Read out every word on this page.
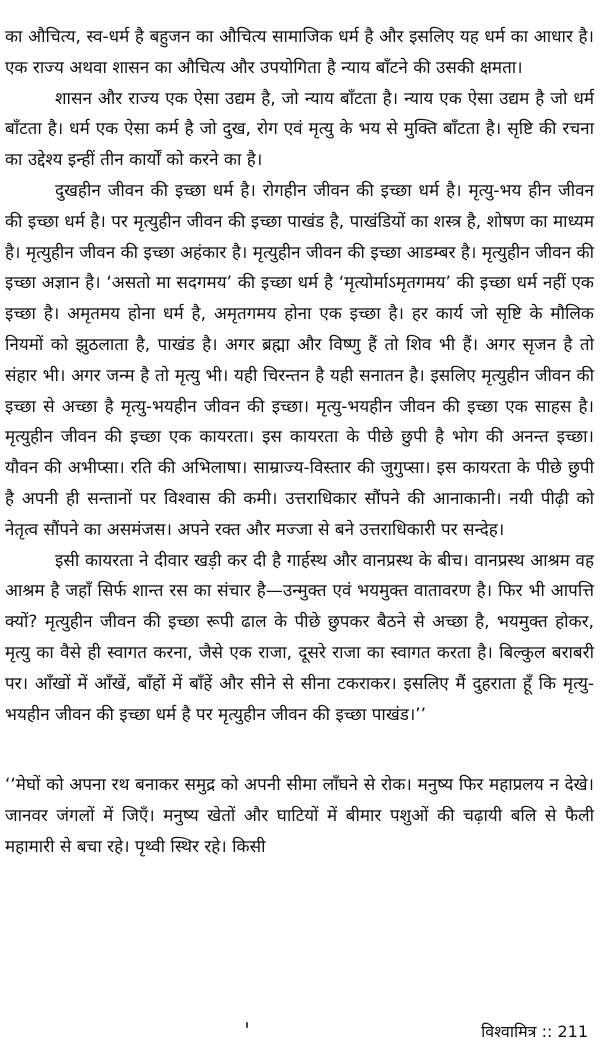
का औचित्य, स्व-धर्म है बहुजन का औचित्य सामाजिक धर्म है और इसलिए यह धर्म का आधार है। एक राज्य अथवा शासन का औचित्य और उपयोगिता है न्याय बाँटने की उसकी क्षमता।

शासन और राज्य एक ऐसा उद्यम है, जो न्याय बाँटता है। न्याय एक ऐसा उद्यम है जो धर्म बाँटता है। धर्म एक ऐसा कर्म है जो दुख, रोग एवं मृत्यु के भय से मुक्ति बाँटता है। सृष्टि की रचना का उद्देश्य इन्हीं तीन कार्यों को करने का है।

दुखहीन जीवन की इच्छा धर्म है। रोगहीन जीवन की इच्छा धर्म है। मृत्यु-भय हीन जीवन की इच्छा धर्म है। पर मृत्युहीन जीवन की इच्छा पाखंड है, पाखंडियों का शस्त्र है, शोषण का माध्यम है। मृत्युहीन जीवन की इच्छा अहंकार है। मृत्युहीन जीवन की इच्छा आडम्बर है। मृत्युहीन जीवन की इच्छा अज्ञान है। ‘असतो मा सदगमय’ की इच्छा धर्म है ‘मृत्योर्माऽमृतगमय’ की इच्छा धर्म नहीं एक इच्छा है। अमृतमय होना धर्म है, अमृतगमय होना एक इच्छा है। हर कार्य जो सृष्टि के मौलिक नियमों को झुठलाता है, पाखंड है। अगर ब्रह्मा और विष्णु हैं तो शिव भी हैं। अगर सृजन है तो संहार भी। अगर जन्म है तो मृत्यु भी। यही चिरन्तन है यही सनातन है। इसलिए मृत्युहीन जीवन की इच्छा से अच्छा है मृत्यु-भयहीन जीवन की इच्छा। मृत्यु-भयहीन जीवन की इच्छा एक साहस है। मृत्युहीन जीवन की इच्छा एक कायरता। इस कायरता के पीछे छुपी है भोग की अनन्त इच्छा। यौवन की अभीप्सा। रति की अभिलाषा। साम्राज्य-विस्तार की जुगुप्सा। इस कायरता के पीछे छुपी है अपनी ही सन्तानों पर विश्वास की कमी। उत्तराधिकार सौंपने की आनाकानी। नयी पीढ़ी को नेतृत्व सौंपने का असमंजस। अपने रक्त और मज्जा से बने उत्तराधिकारी पर सन्देह।

इसी कायरता ने दीवार खड़ी कर दी है गार्हस्थ और वानप्रस्थ के बीच। वानप्रस्थ आश्रम वह आश्रम है जहाँ सिर्फ शान्त रस का संचार है—उन्मुक्त एवं भयमुक्त वातावरण है। फिर भी आपत्ति क्यों? मृत्युहीन जीवन की इच्छा रूपी ढाल के पीछे छुपकर बैठने से अच्छा है, भयमुक्त होकर, मृत्यु का वैसे ही स्वागत करना, जैसे एक राजा, दूसरे राजा का स्वागत करता है। बिल्कुल बराबरी पर। आँखों में आँखें, बाँहों में बाँहें और सीने से सीना टकराकर। इसलिए मैं दुहराता हूँ कि मृत्यु-भयहीन जीवन की इच्छा धर्म है पर मृत्युहीन जीवन की इच्छा पाखंड।’’

‘‘मेघों को अपना रथ बनाकर समुद्र को अपनी सीमा लाँघने से रोक। मनुष्य फिर महाप्रलय न देखे। जानवर जंगलों में जिएँ। मनुष्य खेतों और घाटियों में बीमार पशुओं की चढ़ायी बलि से फैली महामारी से बचा रहे। पृथ्वी स्थिर रहे। किसी

विश्वामित्र :: 211
